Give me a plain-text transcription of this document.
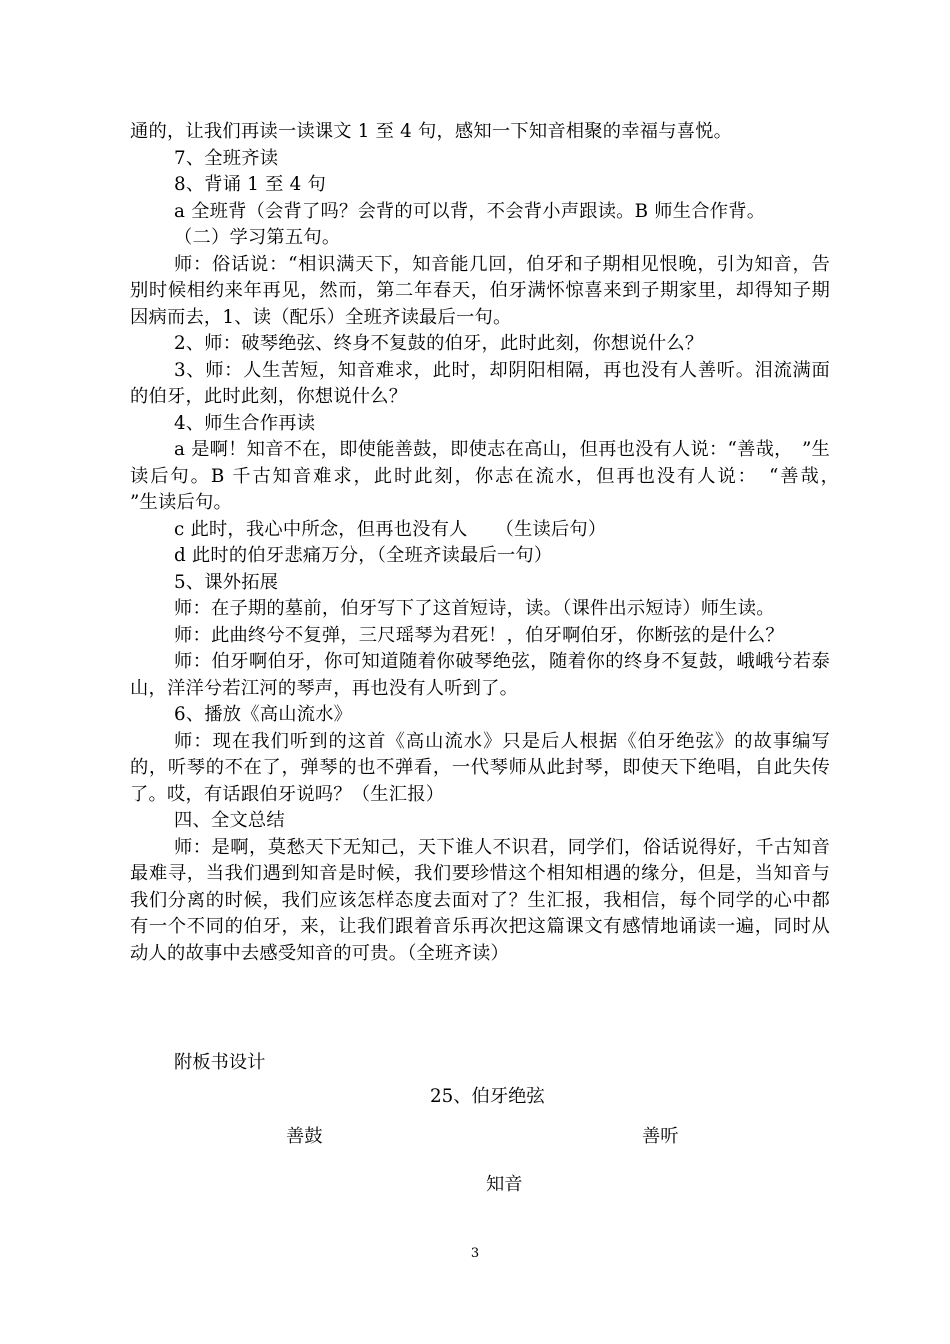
通的，让我们再读一读课文 1 至 4 句，感知一下知音相聚的幸福与喜悦。

7、全班齐读

8、背诵 1 至 4 句

a 全班背（会背了吗？会背的可以背，不会背小声跟读。B 师生合作背。

（二）学习第五句。

师：俗话说：“相识满天下，知音能几回，伯牙和子期相见恨晚，引为知音，告别时候相约来年再见，然而，第二年春天，伯牙满怀惊喜来到子期家里，却得知子期因病而去，1、读（配乐）全班齐读最后一句。

2、师：破琴绝弦、终身不复鼓的伯牙，此时此刻，你想说什么？

3、师：人生苦短，知音难求，此时，却阴阳相隔，再也没有人善听。泪流满面的伯牙，此时此刻，你想说什么？

4、师生合作再读

a 是啊！知音不在，即使能善鼓，即使志在高山，但再也没有人说：“善哉，　”生读后句。B 千古知音难求，此时此刻，你志在流水，但再也没有人说：　“善哉，　　”生读后句。

c 此时，我心中所念，但再也没有人　　（生读后句）

d 此时的伯牙悲痛万分，（全班齐读最后一句）

5、课外拓展

师：在子期的墓前，伯牙写下了这首短诗，读。（课件出示短诗）师生读。

师：此曲终兮不复弹，三尺瑶琴为君死！，伯牙啊伯牙，你断弦的是什么？

师：伯牙啊伯牙，你可知道随着你破琴绝弦，随着你的终身不复鼓，峨峨兮若泰山，洋洋兮若江河的琴声，再也没有人听到了。

6、播放《高山流水》

师：现在我们听到的这首《高山流水》只是后人根据《伯牙绝弦》的故事编写的，听琴的不在了，弹琴的也不弹看，一代琴师从此封琴，即使天下绝唱，自此失传了。哎，有话跟伯牙说吗？（生汇报）

四、全文总结

师：是啊，莫愁天下无知己，天下谁人不识君，同学们，俗话说得好，千古知音最难寻，当我们遇到知音是时候，我们要珍惜这个相知相遇的缘分，但是，当知音与我们分离的时候，我们应该怎样态度去面对了？生汇报，我相信，每个同学的心中都有一个不同的伯牙，来，让我们跟着音乐再次把这篇课文有感情地诵读一遍，同时从动人的故事中去感受知音的可贵。（全班齐读）

附板书设计
25、伯牙绝弦
善鼓	善听
知音
3
